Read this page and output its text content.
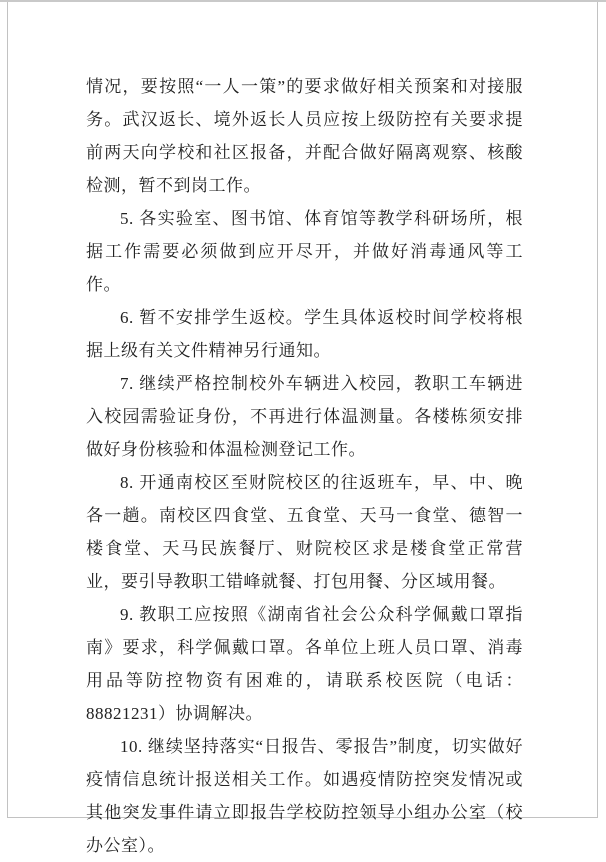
情况，要按照“一人一策”的要求做好相关预案和对接服务。武汉返长、境外返长人员应按上级防控有关要求提前两天向学校和社区报备，并配合做好隔离观察、核酸检测，暂不到岗工作。

5. 各实验室、图书馆、体育馆等教学科研场所，根据工作需要必须做到应开尽开，并做好消毒通风等工作。

6. 暂不安排学生返校。学生具体返校时间学校将根据上级有关文件精神另行通知。

7. 继续严格控制校外车辆进入校园，教职工车辆进入校园需验证身份，不再进行体温测量。各楼栋须安排做好身份核验和体温检测登记工作。

8. 开通南校区至财院校区的往返班车，早、中、晚各一趟。南校区四食堂、五食堂、天马一食堂、德智一楼食堂、天马民族餐厅、财院校区求是楼食堂正常营业，要引导教职工错峰就餐、打包用餐、分区域用餐。

9. 教职工应按照《湖南省社会公众科学佩戴口罩指南》要求，科学佩戴口罩。各单位上班人员口罩、消毒用品等防控物资有困难的，请联系校医院（电话：88821231）协调解决。

10. 继续坚持落实“日报告、零报告”制度，切实做好疫情信息统计报送相关工作。如遇疫情防控突发情况或其他突发事件请立即报告学校防控领导小组办公室（校办公室）。
